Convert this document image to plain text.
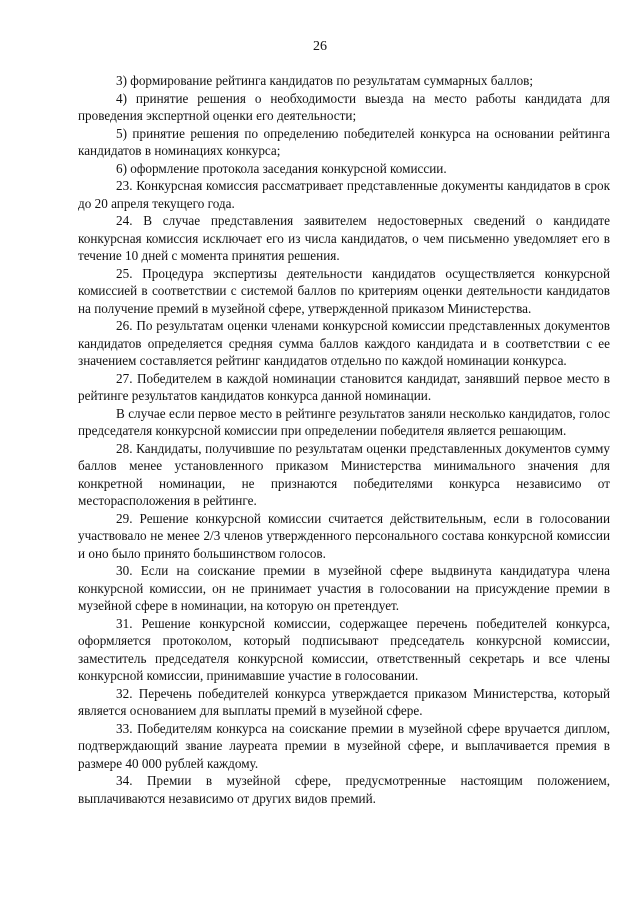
26

3) формирование рейтинга кандидатов по результатам суммарных баллов;

4) принятие решения о необходимости выезда на место работы кандидата для проведения экспертной оценки его деятельности;

5) принятие решения по определению победителей конкурса на основании рейтинга кандидатов в номинациях конкурса;

6) оформление протокола заседания конкурсной комиссии.

23. Конкурсная комиссия рассматривает представленные документы кандидатов в срок до 20 апреля текущего года.

24. В случае представления заявителем недостоверных сведений о кандидате конкурсная комиссия исключает его из числа кандидатов, о чем письменно уведомляет его в течение 10 дней с момента принятия решения.

25. Процедура экспертизы деятельности кандидатов осуществляется конкурсной комиссией в соответствии с системой баллов по критериям оценки деятельности кандидатов на получение премий в музейной сфере, утвержденной приказом Министерства.

26. По результатам оценки членами конкурсной комиссии представленных документов кандидатов определяется средняя сумма баллов каждого кандидата и в соответствии с ее значением составляется рейтинг кандидатов отдельно по каждой номинации конкурса.

27. Победителем в каждой номинации становится кандидат, занявший первое место в рейтинге результатов кандидатов конкурса данной номинации.

В случае если первое место в рейтинге результатов заняли несколько кандидатов, голос председателя конкурсной комиссии при определении победителя является решающим.

28. Кандидаты, получившие по результатам оценки представленных документов сумму баллов менее установленного приказом Министерства минимального значения для конкретной номинации, не признаются победителями конкурса независимо от месторасположения в рейтинге.

29. Решение конкурсной комиссии считается действительным, если в голосовании участвовало не менее 2/3 членов утвержденного персонального состава конкурсной комиссии и оно было принято большинством голосов.

30. Если на соискание премии в музейной сфере выдвинута кандидатура члена конкурсной комиссии, он не принимает участия в голосовании на присуждение премии в музейной сфере в номинации, на которую он претендует.

31. Решение конкурсной комиссии, содержащее перечень победителей конкурса, оформляется протоколом, который подписывают председатель конкурсной комиссии, заместитель председателя конкурсной комиссии, ответственный секретарь и все члены конкурсной комиссии, принимавшие участие в голосовании.

32. Перечень победителей конкурса утверждается приказом Министерства, который является основанием для выплаты премий в музейной сфере.

33. Победителям конкурса на соискание премии в музейной сфере вручается диплом, подтверждающий звание лауреата премии в музейной сфере, и выплачивается премия в размере 40 000 рублей каждому.

34. Премии в музейной сфере, предусмотренные настоящим положением, выплачиваются независимо от других видов премий.
